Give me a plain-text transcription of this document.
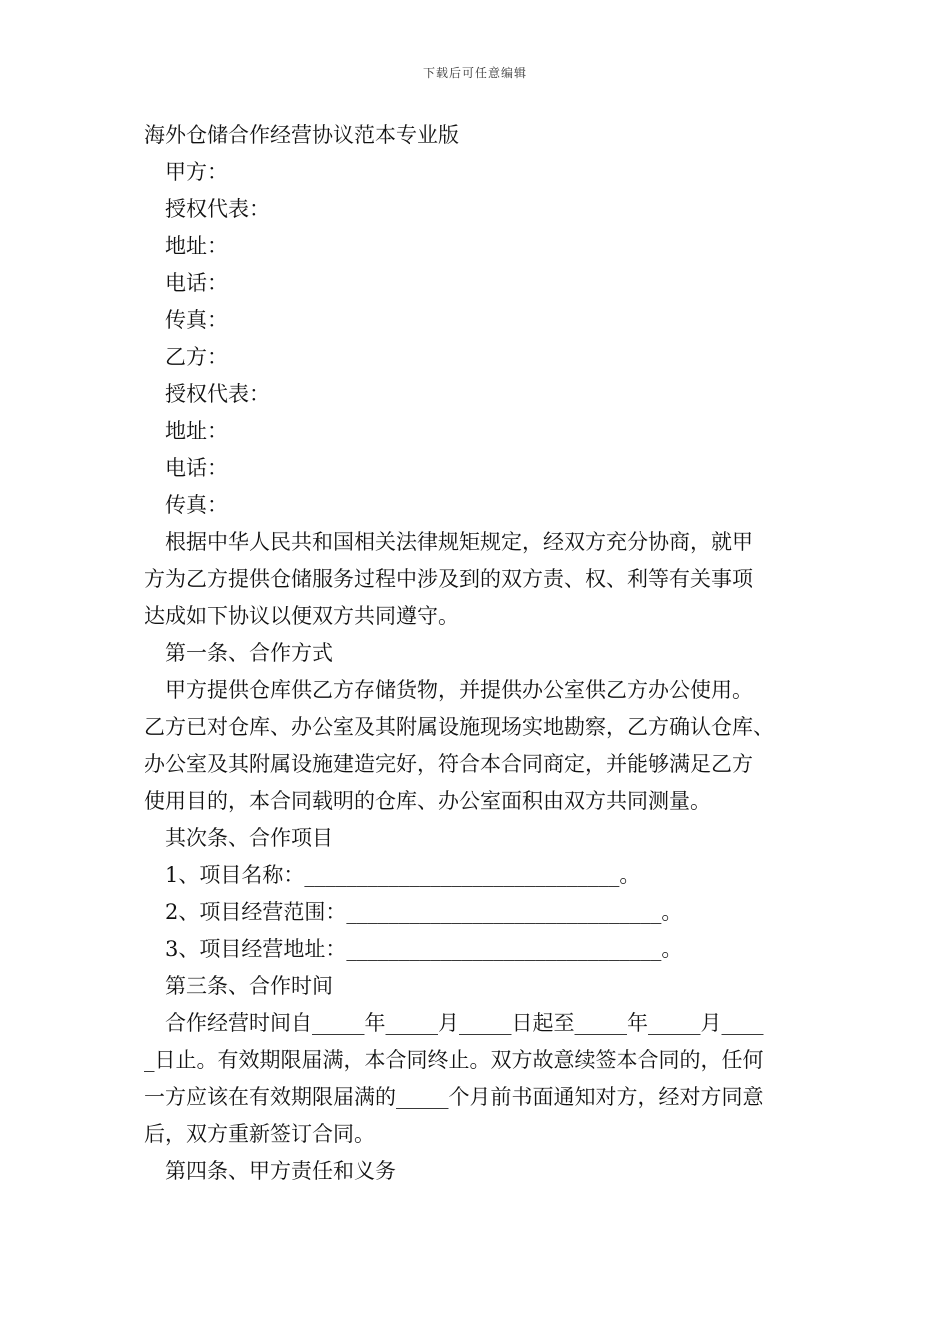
下载后可任意编辑
海外仓储合作经营协议范本专业版
甲方：
授权代表：
地址：
电话：
传真：
乙方：
授权代表：
地址：
电话：
传真：
根据中华人民共和国相关法律规矩规定，经双方充分协商，就甲
方为乙方提供仓储服务过程中涉及到的双方责、权、利等有关事项
达成如下协议以便双方共同遵守。
第一条、合作方式
甲方提供仓库供乙方存储货物，并提供办公室供乙方办公使用。
乙方已对仓库、办公室及其附属设施现场实地勘察，乙方确认仓库、
办公室及其附属设施建造完好，符合本合同商定，并能够满足乙方
使用目的，本合同载明的仓库、办公室面积由双方共同测量。
其次条、合作项目
1、项目名称：______________________________。
2、项目经营范围：______________________________。
3、项目经营地址：______________________________。
第三条、合作时间
合作经营时间自_____年_____月_____日起至_____年_____月____
_日止。有效期限届满，本合同终止。双方故意续签本合同的，任何
一方应该在有效期限届满的_____个月前书面通知对方，经对方同意
后，双方重新签订合同。
第四条、甲方责任和义务
